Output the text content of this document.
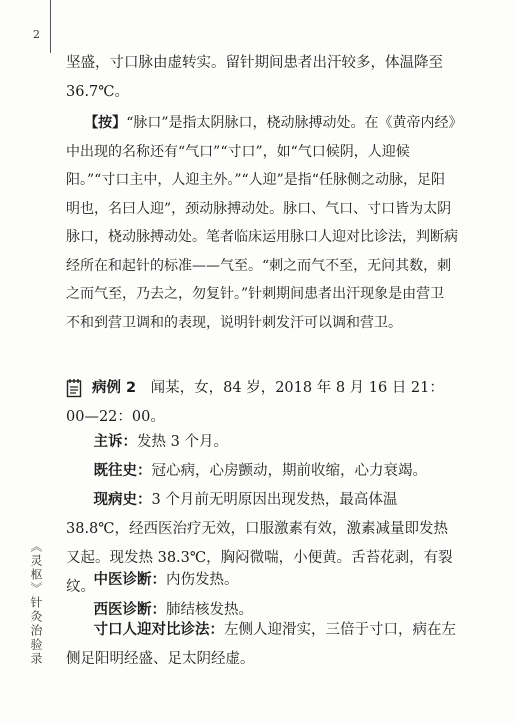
2
《灵枢》针灸治验录
坚盛，寸口脉由虚转实。留针期间患者出汗较多，体温降至36.7℃。
【按】“脉口”是指太阴脉口，桡动脉搏动处。在《黄帝内经》中出现的名称还有“气口”“寸口”，如“气口候阴，人迎候阳。”“寸口主中，人迎主外。”“人迎”是指“任脉侧之动脉，足阳明也，名曰人迎”，颈动脉搏动处。脉口、气口、寸口皆为太阴脉口，桡动脉搏动处。笔者临床运用脉口人迎对比诊法，判断病经所在和起针的标准——气至。“刺之而气不至，无问其数，刺之而气至，乃去之，勿复针。”针刺期间患者出汗现象是由营卫不和到营卫调和的表现，说明针刺发汗可以调和营卫。
病例 2　 闻某，女，84 岁，2018 年 8 月 16 日 21：00—22：00。
主诉：发热 3 个月。
既往史：冠心病，心房颤动，期前收缩，心力衰竭。
现病史：3 个月前无明原因出现发热，最高体温 38.8℃，经西医治疗无效，口服激素有效，激素减量即发热又起。现发热 38.3℃，胸闷微喘，小便黄。舌苔花剥，有裂纹。
中医诊断：内伤发热。
西医诊断：肺结核发热。
寸口人迎对比诊法：左侧人迎滑实，三倍于寸口，病在左侧足阳明经盛、足太阴经虚。
